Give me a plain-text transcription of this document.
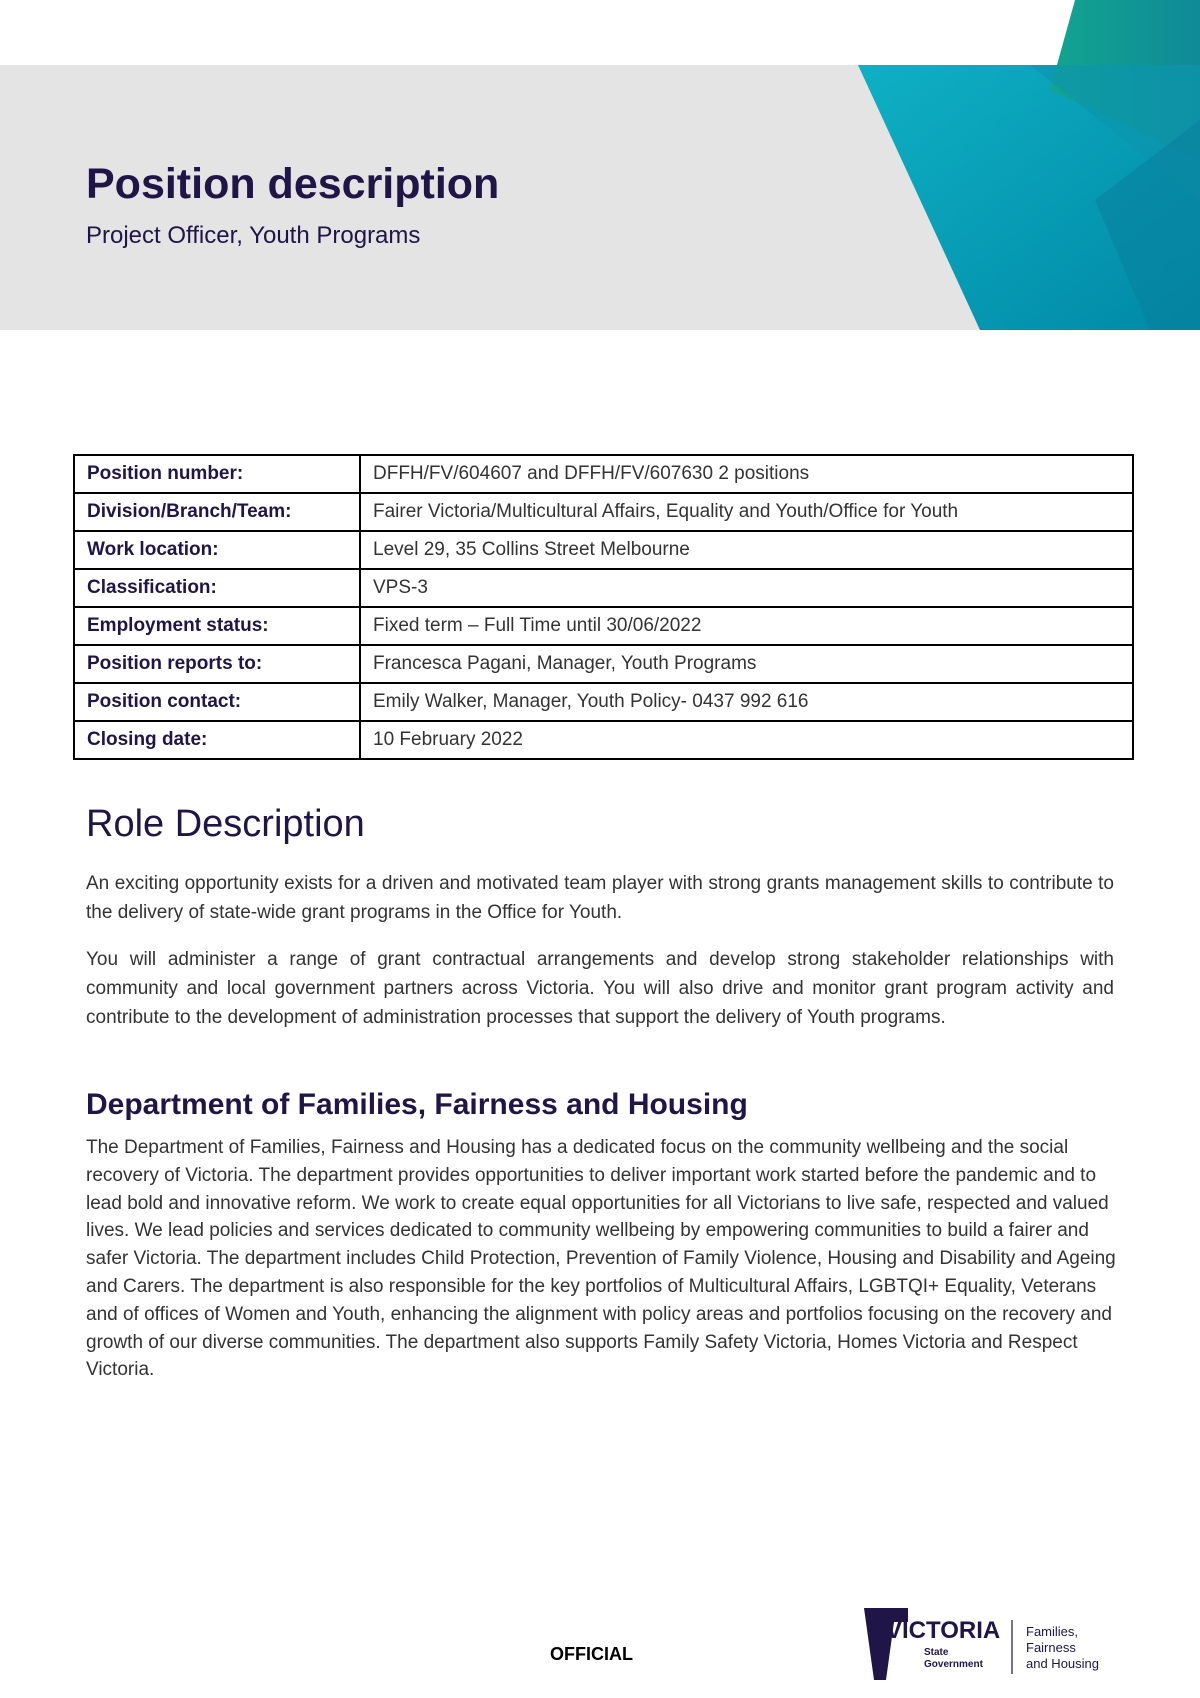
Position description
Project Officer, Youth Programs
Position number:	DFFH/FV/604607 and DFFH/FV/607630 2 positions
Division/Branch/Team:	Fairer Victoria/Multicultural Affairs, Equality and Youth/Office for Youth
Work location:	Level 29, 35 Collins Street Melbourne
Classification:	VPS-3
Employment status:	Fixed term – Full Time until 30/06/2022
Position reports to:	Francesca Pagani, Manager, Youth Programs
Position contact:	Emily Walker, Manager, Youth Policy- 0437 992 616
Closing date:	10 February 2022
Role Description

An exciting opportunity exists for a driven and motivated team player with strong grants management skills to contribute to the delivery of state-wide grant programs in the Office for Youth.

You will administer a range of grant contractual arrangements and develop strong stakeholder relationships with community and local government partners across Victoria. You will also drive and monitor grant program activity and contribute to the development of administration processes that support the delivery of Youth programs.

Department of Families, Fairness and Housing

The Department of Families, Fairness and Housing has a dedicated focus on the community wellbeing and the social recovery of Victoria. The department provides opportunities to deliver important work started before the pandemic and to lead bold and innovative reform. We work to create equal opportunities for all Victorians to live safe, respected and valued lives. We lead policies and services dedicated to community wellbeing by empowering communities to build a fairer and safer Victoria. The department includes Child Protection, Prevention of Family Violence, Housing and Disability and Ageing and Carers. The department is also responsible for the key portfolios of Multicultural Affairs, LGBTQI+ Equality, Veterans and of offices of Women and Youth, enhancing the alignment with policy areas and portfolios focusing on the recovery and growth of our diverse communities. The department also supports Family Safety Victoria, Homes Victoria and Respect Victoria.

OFFICIAL
VICTORIA
State
Government
Families,
Fairness
and Housing
